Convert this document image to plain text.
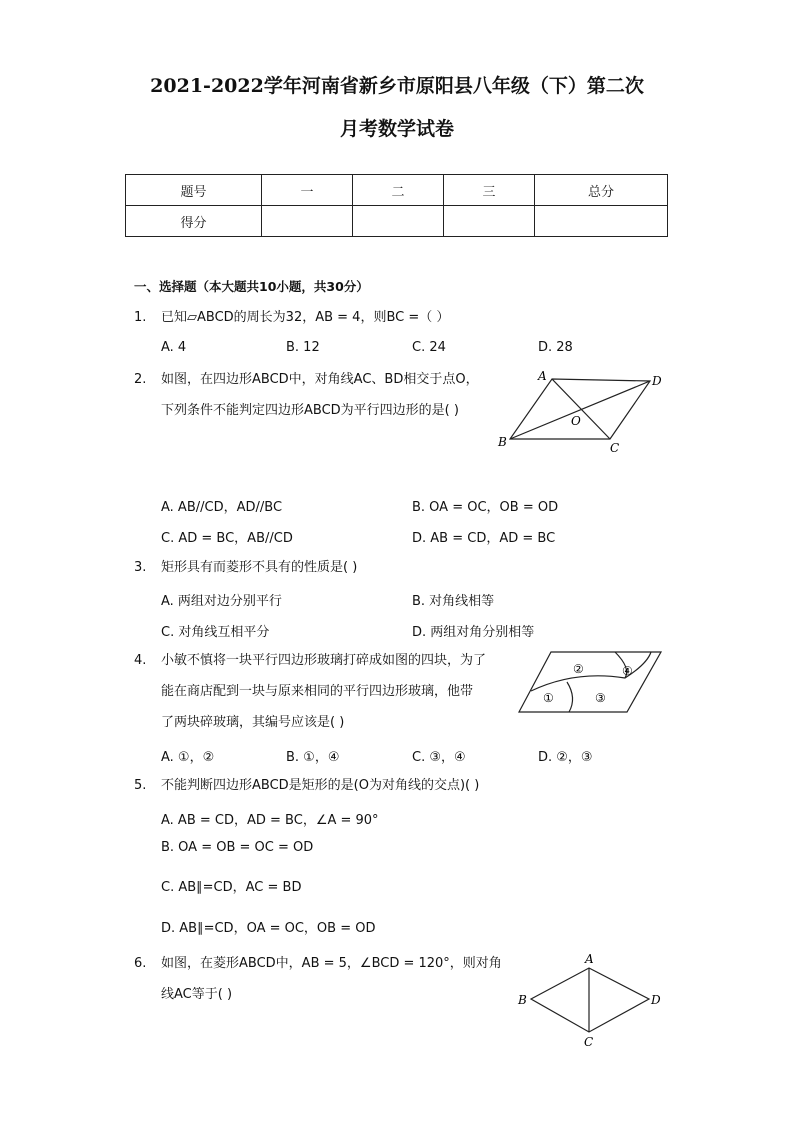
2021-2022学年河南省新乡市原阳县八年级（下）第二次
月考数学试卷
题号	一	二	三	总分
得分				
一、选择题（本大题共10小题，共30分）
1. 已知▱ABCD的周长为32，AB = 4，则BC =（ ）
A. 4	B. 12	C. 24	D. 28
2. 如图，在四边形ABCD中，对角线AC、BD相交于点O，
下列条件不能判定四边形ABCD为平行四边形的是( )
A	D
B	C
O
A. AB//CD，AD//BC	B. OA = OC，OB = OD
C. AD = BC，AB//CD	D. AB = CD，AD = BC
3. 矩形具有而菱形不具有的性质是( )
A. 两组对边分别平行	B. 对角线相等
C. 对角线互相平分	D. 两组对角分别相等
4. 小敏不慎将一块平行四边形玻璃打碎成如图的四块，为了
能在商店配到一块与原来相同的平行四边形玻璃，他带
了两块碎玻璃，其编号应该是( )
②	④
①	③
A. ①，②	B. ①，④	C. ③，④	D. ②，③
5. 不能判断四边形ABCD是矩形的是(O为对角线的交点)( )
A. AB = CD，AD = BC，∠A = 90°
B. OA = OB = OC = OD
C. AB∥=CD，AC = BD
D. AB∥=CD，OA = OC，OB = OD
6. 如图，在菱形ABCD中，AB = 5，∠BCD = 120°，则对角
线AC等于( )
A
B	D
C
